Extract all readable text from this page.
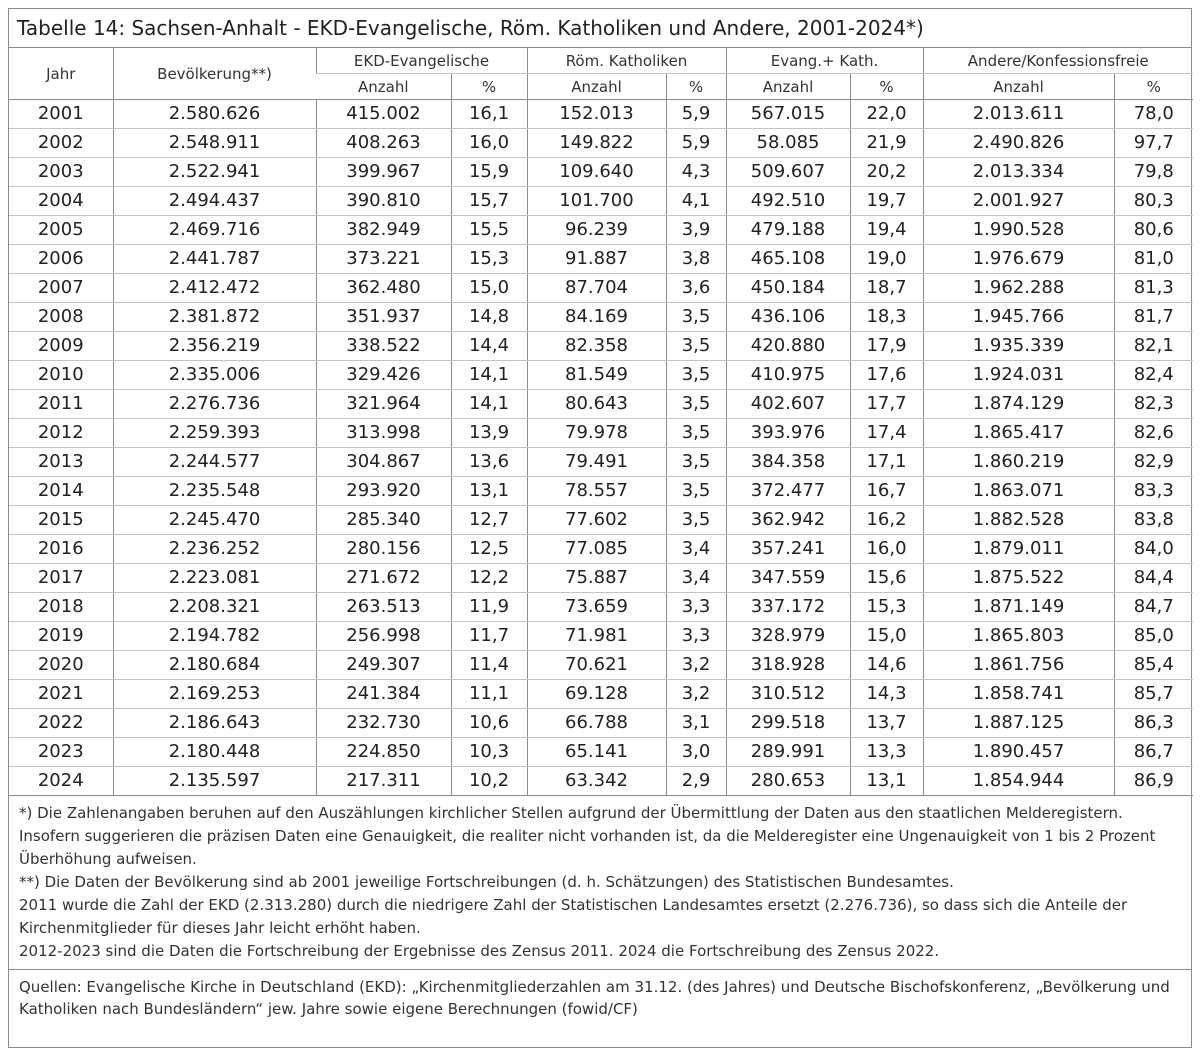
Tabelle 14: Sachsen-Anhalt - EKD-Evangelische, Röm. Katholiken und Andere, 2001-2024*)
Jahr	Bevölkerung**)	EKD-Evangelische		Röm. Katholiken		Evang.+ Kath.		Andere/Konfessionsfreie	
		Anzahl	%	Anzahl	%	Anzahl	%	Anzahl	%
2001	2.580.626	415.002	16,1	152.013	5,9	567.015	22,0	2.013.611	78,0
2002	2.548.911	408.263	16,0	149.822	5,9	58.085	21,9	2.490.826	97,7
2003	2.522.941	399.967	15,9	109.640	4,3	509.607	20,2	2.013.334	79,8
2004	2.494.437	390.810	15,7	101.700	4,1	492.510	19,7	2.001.927	80,3
2005	2.469.716	382.949	15,5	96.239	3,9	479.188	19,4	1.990.528	80,6
2006	2.441.787	373.221	15,3	91.887	3,8	465.108	19,0	1.976.679	81,0
2007	2.412.472	362.480	15,0	87.704	3,6	450.184	18,7	1.962.288	81,3
2008	2.381.872	351.937	14,8	84.169	3,5	436.106	18,3	1.945.766	81,7
2009	2.356.219	338.522	14,4	82.358	3,5	420.880	17,9	1.935.339	82,1
2010	2.335.006	329.426	14,1	81.549	3,5	410.975	17,6	1.924.031	82,4
2011	2.276.736	321.964	14,1	80.643	3,5	402.607	17,7	1.874.129	82,3
2012	2.259.393	313.998	13,9	79.978	3,5	393.976	17,4	1.865.417	82,6
2013	2.244.577	304.867	13,6	79.491	3,5	384.358	17,1	1.860.219	82,9
2014	2.235.548	293.920	13,1	78.557	3,5	372.477	16,7	1.863.071	83,3
2015	2.245.470	285.340	12,7	77.602	3,5	362.942	16,2	1.882.528	83,8
2016	2.236.252	280.156	12,5	77.085	3,4	357.241	16,0	1.879.011	84,0
2017	2.223.081	271.672	12,2	75.887	3,4	347.559	15,6	1.875.522	84,4
2018	2.208.321	263.513	11,9	73.659	3,3	337.172	15,3	1.871.149	84,7
2019	2.194.782	256.998	11,7	71.981	3,3	328.979	15,0	1.865.803	85,0
2020	2.180.684	249.307	11,4	70.621	3,2	318.928	14,6	1.861.756	85,4
2021	2.169.253	241.384	11,1	69.128	3,2	310.512	14,3	1.858.741	85,7
2022	2.186.643	232.730	10,6	66.788	3,1	299.518	13,7	1.887.125	86,3
2023	2.180.448	224.850	10,3	65.141	3,0	289.991	13,3	1.890.457	86,7
2024	2.135.597	217.311	10,2	63.342	2,9	280.653	13,1	1.854.944	86,9

*) Die Zahlenangaben beruhen auf den Auszählungen kirchlicher Stellen aufgrund der Übermittlung der Daten aus den staatlichen Melderegistern. Insofern suggerieren die präzisen Daten eine Genauigkeit, die realiter nicht vorhanden ist, da die Melderegister eine Ungenauigkeit von 1 bis 2 Prozent Überhöhung aufweisen.

**) Die Daten der Bevölkerung sind ab 2001 jeweilige Fortschreibungen (d. h. Schätzungen) des Statistischen Bundesamtes.

2011 wurde die Zahl der EKD (2.313.280) durch die niedrigere Zahl der Statistischen Landesamtes ersetzt (2.276.736), so dass sich die Anteile der Kirchenmitglieder für dieses Jahr leicht erhöht haben.

2012-2023 sind die Daten die Fortschreibung der Ergebnisse des Zensus 2011. 2024 die Fortschreibung des Zensus 2022.

Quellen: Evangelische Kirche in Deutschland (EKD): „Kirchenmitgliederzahlen am 31.12. (des Jahres) und Deutsche Bischofskonferenz, „Bevölkerung und Katholiken nach Bundesländern“ jew. Jahre sowie eigene Berechnungen (fowid/CF)
